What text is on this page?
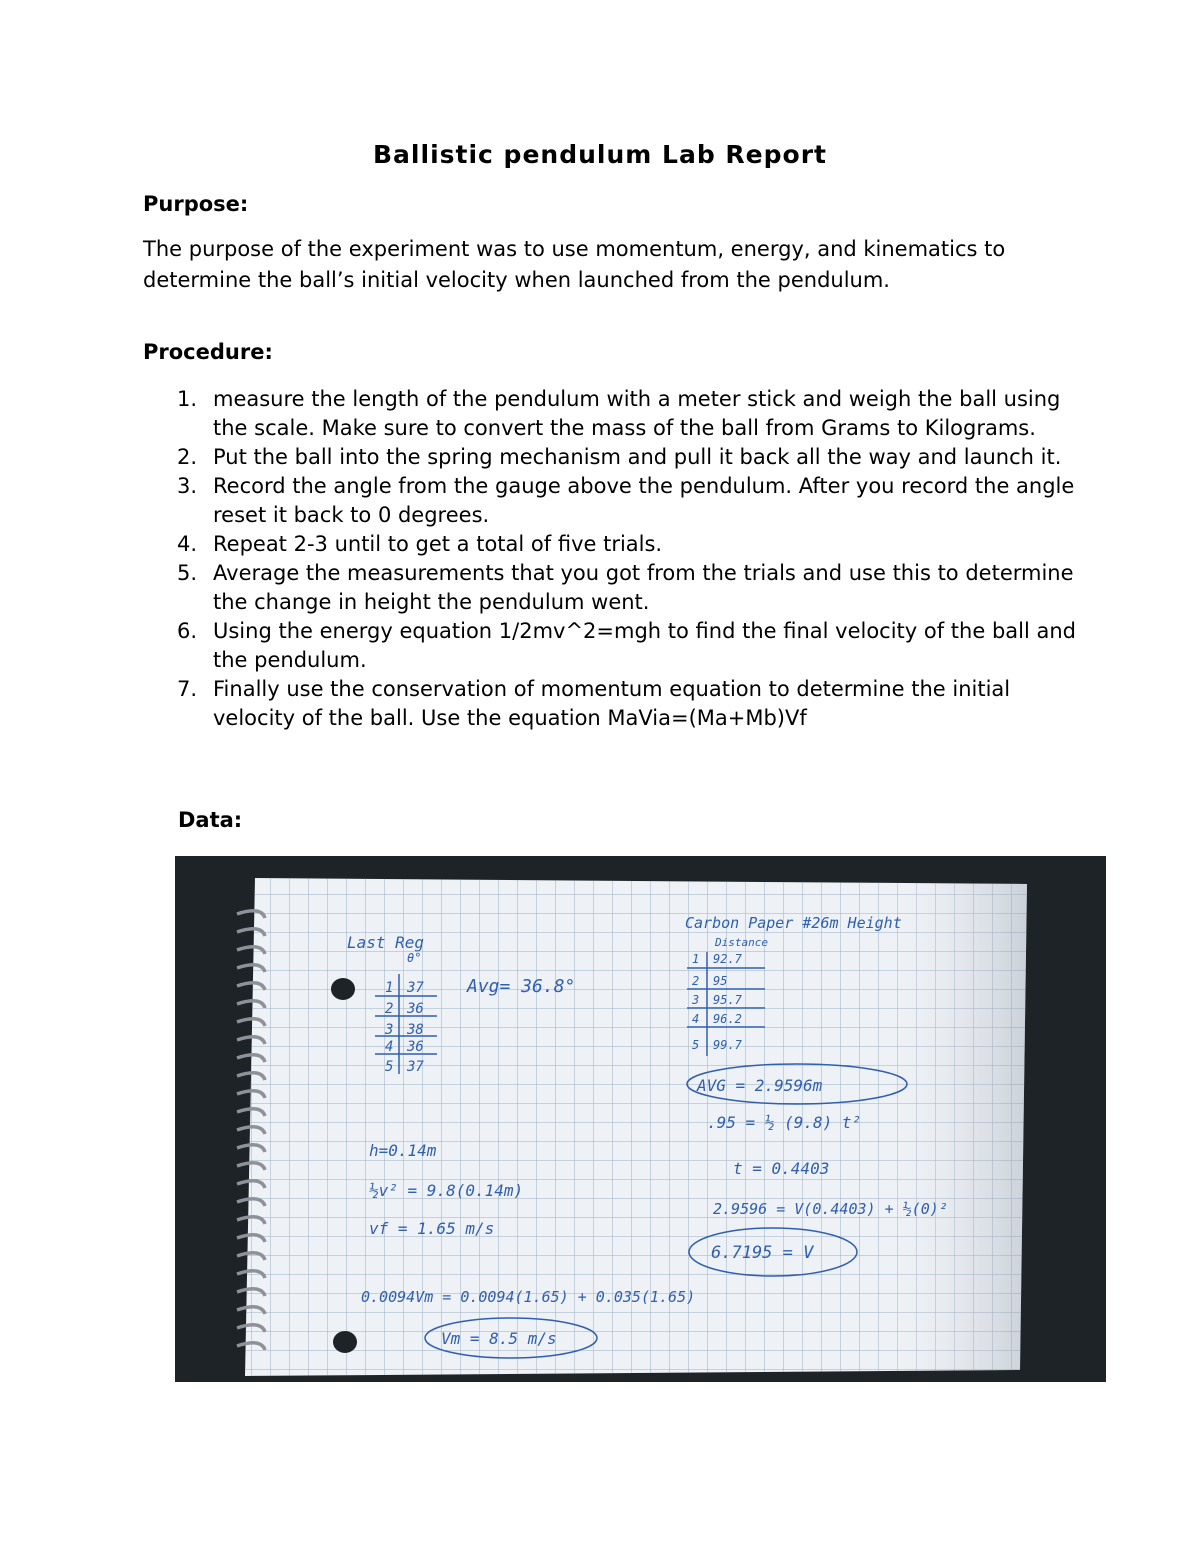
Ballistic pendulum Lab Report
Purpose:

The purpose of the experiment was to use momentum, energy, and kinematics to determine the ball’s initial velocity when launched from the pendulum.

Procedure:
1. measure the length of the pendulum with a meter stick and weigh the ball using the scale. Make sure to convert the mass of the ball from Grams to Kilograms.
2. Put the ball into the spring mechanism and pull it back all the way and launch it.
3. Record the angle from the gauge above the pendulum. After you record the angle reset it back to 0 degrees.
4. Repeat 2-3 until to get a total of five trials.
5. Average the measurements that you got from the trials and use this to determine the change in height the pendulum went.
6. Using the energy equation 1/2mv^2=mgh to find the final velocity of the ball and the pendulum.
7. Finally use the conservation of momentum equation to determine the initial velocity of the ball. Use the equation MaVia=(Ma+Mb)Vf
Data:
Last Reg
θ°
1 37
2 36
3 38
4 36
5 37
Avg= 36.8°
Carbon Paper #26m Height
Distance
1 92.7
2 95
3 95.7
4 96.2
5 99.7
AVG = 2.9596m
.95 = ½ (9.8) t²
t = 0.4403
2.9596 = V(0.4403) + ½(0)²
6.7195 = V
h=0.14m
½v² = 9.8(0.14m)
vf = 1.65 m/s
0.0094Vm = 0.0094(1.65) + 0.035(1.65)
Vm = 8.5 m/s
